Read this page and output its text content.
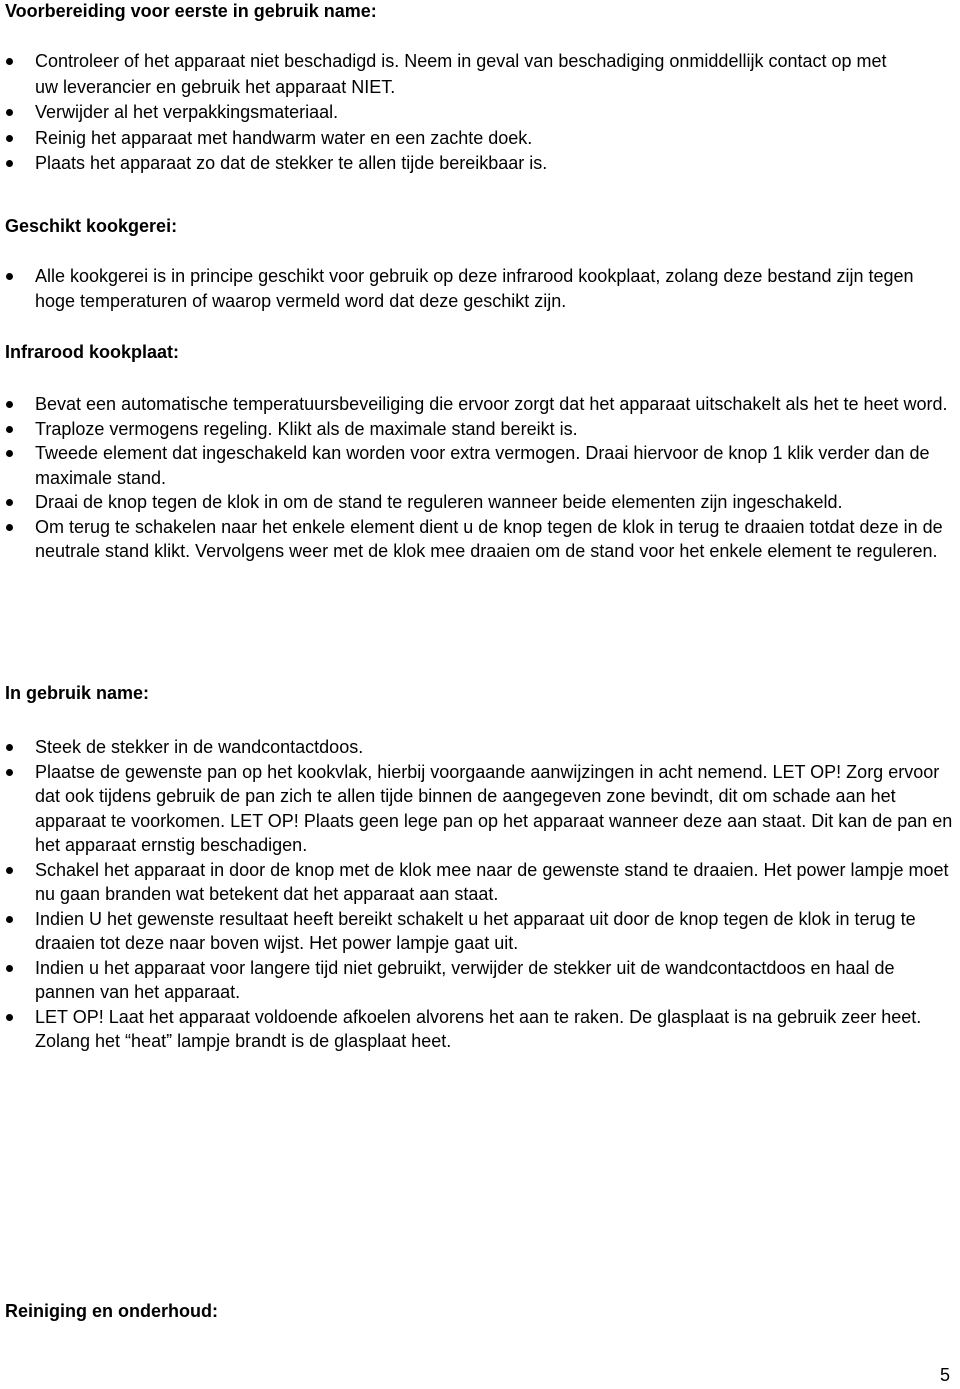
Voorbereiding voor eerste in gebruik name:
Controleer of het apparaat niet beschadigd is. Neem in geval van beschadiging onmiddellijk contact op met uw leverancier en gebruik het apparaat NIET.
Verwijder al het verpakkingsmateriaal.
Reinig het apparaat met handwarm water en een zachte doek.
Plaats het apparaat zo dat de stekker te allen tijde bereikbaar is.
Geschikt kookgerei:
Alle kookgerei is in principe geschikt voor gebruik op deze infrarood kookplaat, zolang deze bestand zijn tegen hoge temperaturen of waarop vermeld word dat deze geschikt zijn.
Infrarood kookplaat:
Bevat een automatische temperatuursbeveiliging die ervoor zorgt dat het apparaat uitschakelt als het te heet word.
Traploze vermogens regeling. Klikt als de maximale stand bereikt is.
Tweede element dat ingeschakeld kan worden voor extra vermogen. Draai hiervoor de knop 1 klik verder dan de maximale stand.
Draai de knop tegen de klok in om de stand te reguleren wanneer beide elementen zijn ingeschakeld.
Om terug te schakelen naar het enkele element dient u de knop tegen de klok in terug te draaien totdat deze in de neutrale stand klikt. Vervolgens weer met de klok mee draaien om de stand voor het enkele element te reguleren.
In gebruik name:
Steek de stekker in de wandcontactdoos.
Plaatse de gewenste pan op het kookvlak, hierbij voorgaande aanwijzingen in acht nemend. LET OP! Zorg ervoor dat ook tijdens gebruik de pan zich te allen tijde binnen de aangegeven zone bevindt, dit om schade aan het apparaat te voorkomen. LET OP! Plaats geen lege pan op het apparaat wanneer deze aan staat. Dit kan de pan en het apparaat ernstig beschadigen.
Schakel het apparaat in door de knop met de klok mee naar de gewenste stand te draaien. Het power lampje moet nu gaan branden wat betekent dat het apparaat aan staat.
Indien U het gewenste resultaat heeft bereikt schakelt u het apparaat uit door de knop tegen de klok in terug te draaien tot deze naar boven wijst. Het power lampje gaat uit.
Indien u het apparaat voor langere tijd niet gebruikt, verwijder de stekker uit de wandcontactdoos en haal de pannen van het apparaat.
LET OP! Laat het apparaat voldoende afkoelen alvorens het aan te raken. De glasplaat is na gebruik zeer heet. Zolang het “heat” lampje brandt is de glasplaat heet.
Reiniging en onderhoud:
5
